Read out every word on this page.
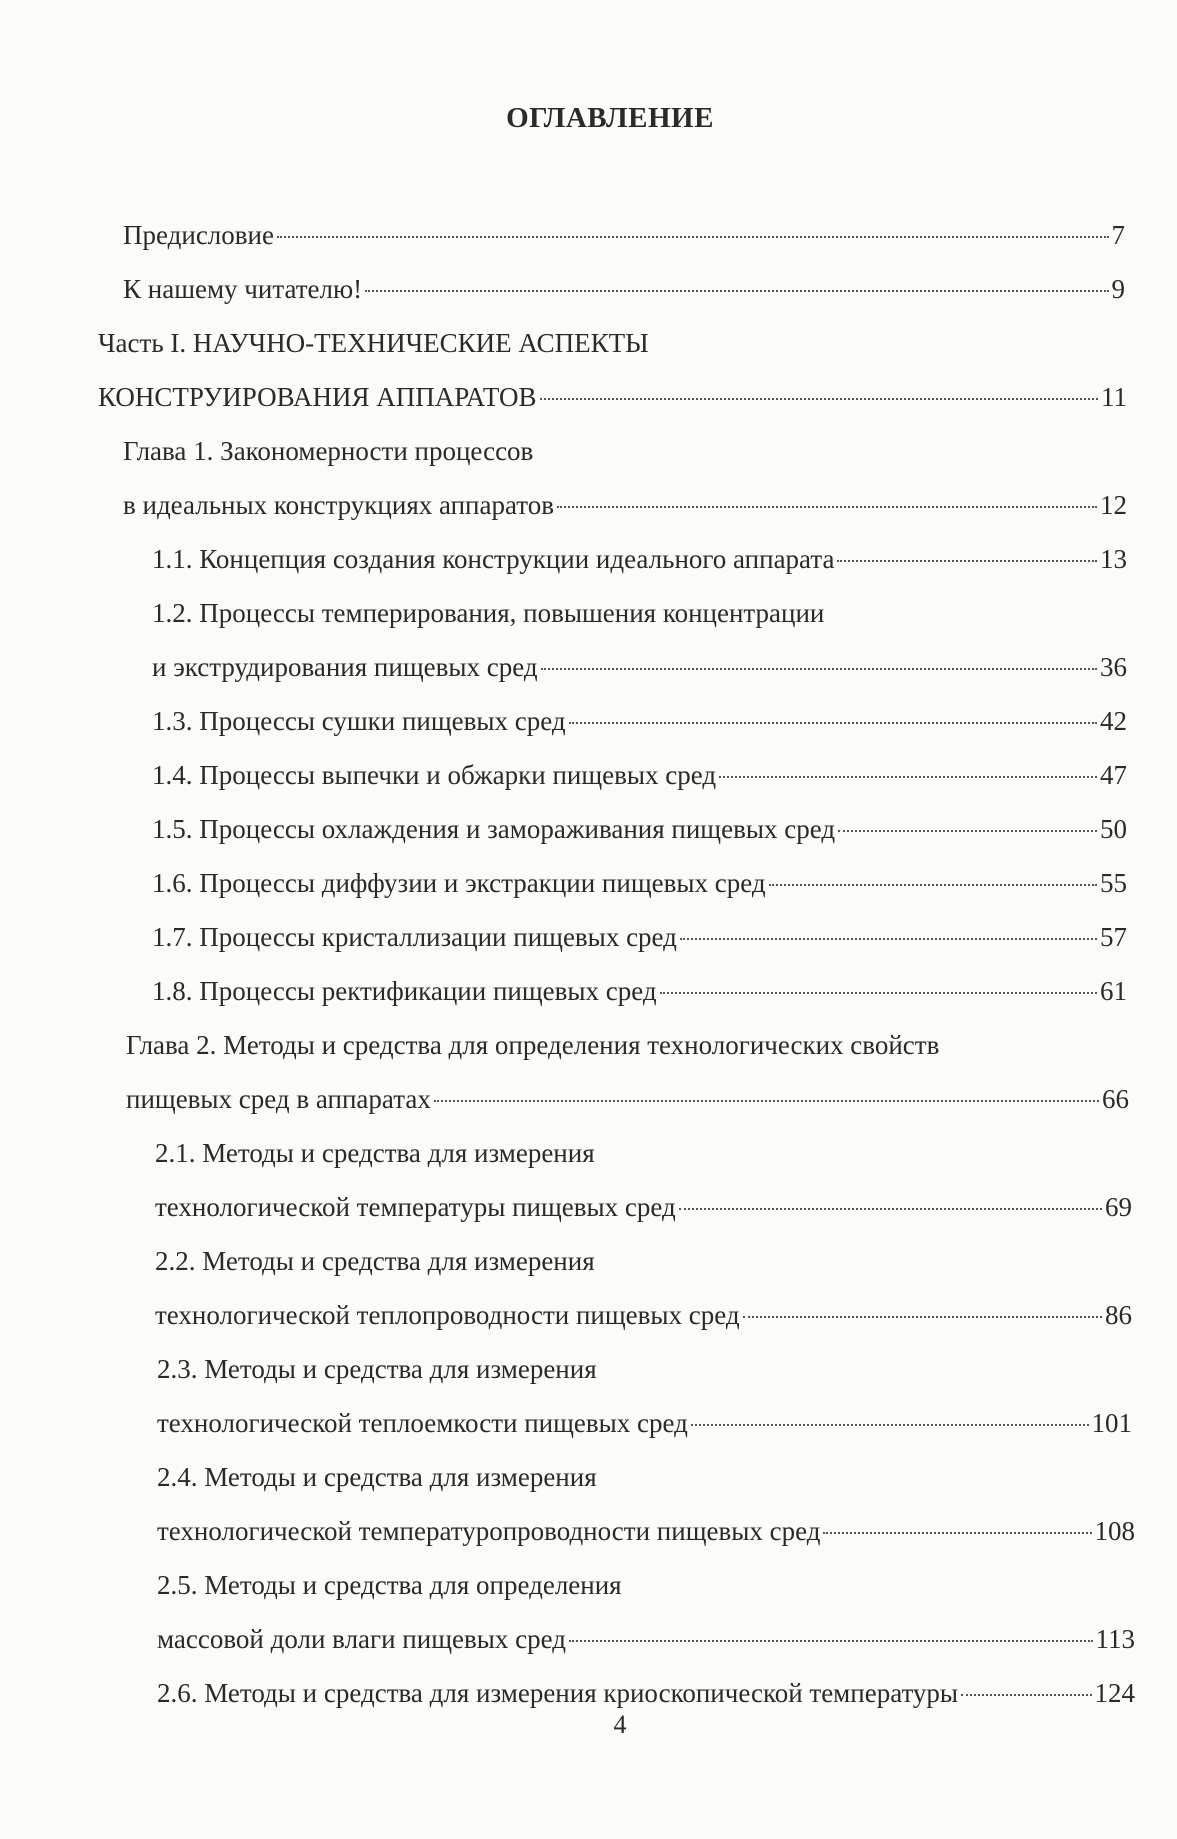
ОГЛАВЛЕНИЕ
Предисловие	7
К нашему читателю!	9
Часть I. НАУЧНО-ТЕХНИЧЕСКИЕ АСПЕКТЫ
КОНСТРУИРОВАНИЯ АППАРАТОВ	11
Глава 1. Закономерности процессов
в идеальных конструкциях аппаратов	12
1.1. Концепция создания конструкции идеального аппарата	13
1.2. Процессы темперирования, повышения концентрации
и экструдирования пищевых сред	36
1.3. Процессы сушки пищевых сред	42
1.4. Процессы выпечки и обжарки пищевых сред	47
1.5. Процессы охлаждения и замораживания пищевых сред	50
1.6. Процессы диффузии и экстракции пищевых сред	55
1.7. Процессы кристаллизации пищевых сред	57
1.8. Процессы ректификации пищевых сред	61
Глава 2. Методы и средства для определения технологических свойств
пищевых сред в аппаратах	66
2.1. Методы и средства для измерения
технологической температуры пищевых сред	69
2.2. Методы и средства для измерения
технологической теплопроводности пищевых сред	86
2.3. Методы и средства для измерения
технологической теплоемкости пищевых сред	101
2.4. Методы и средства для измерения
технологической температуропроводности пищевых сред	108
2.5. Методы и средства для определения
массовой доли влаги пищевых сред	113
2.6. Методы и средства для измерения криоскопической температуры	124
4
